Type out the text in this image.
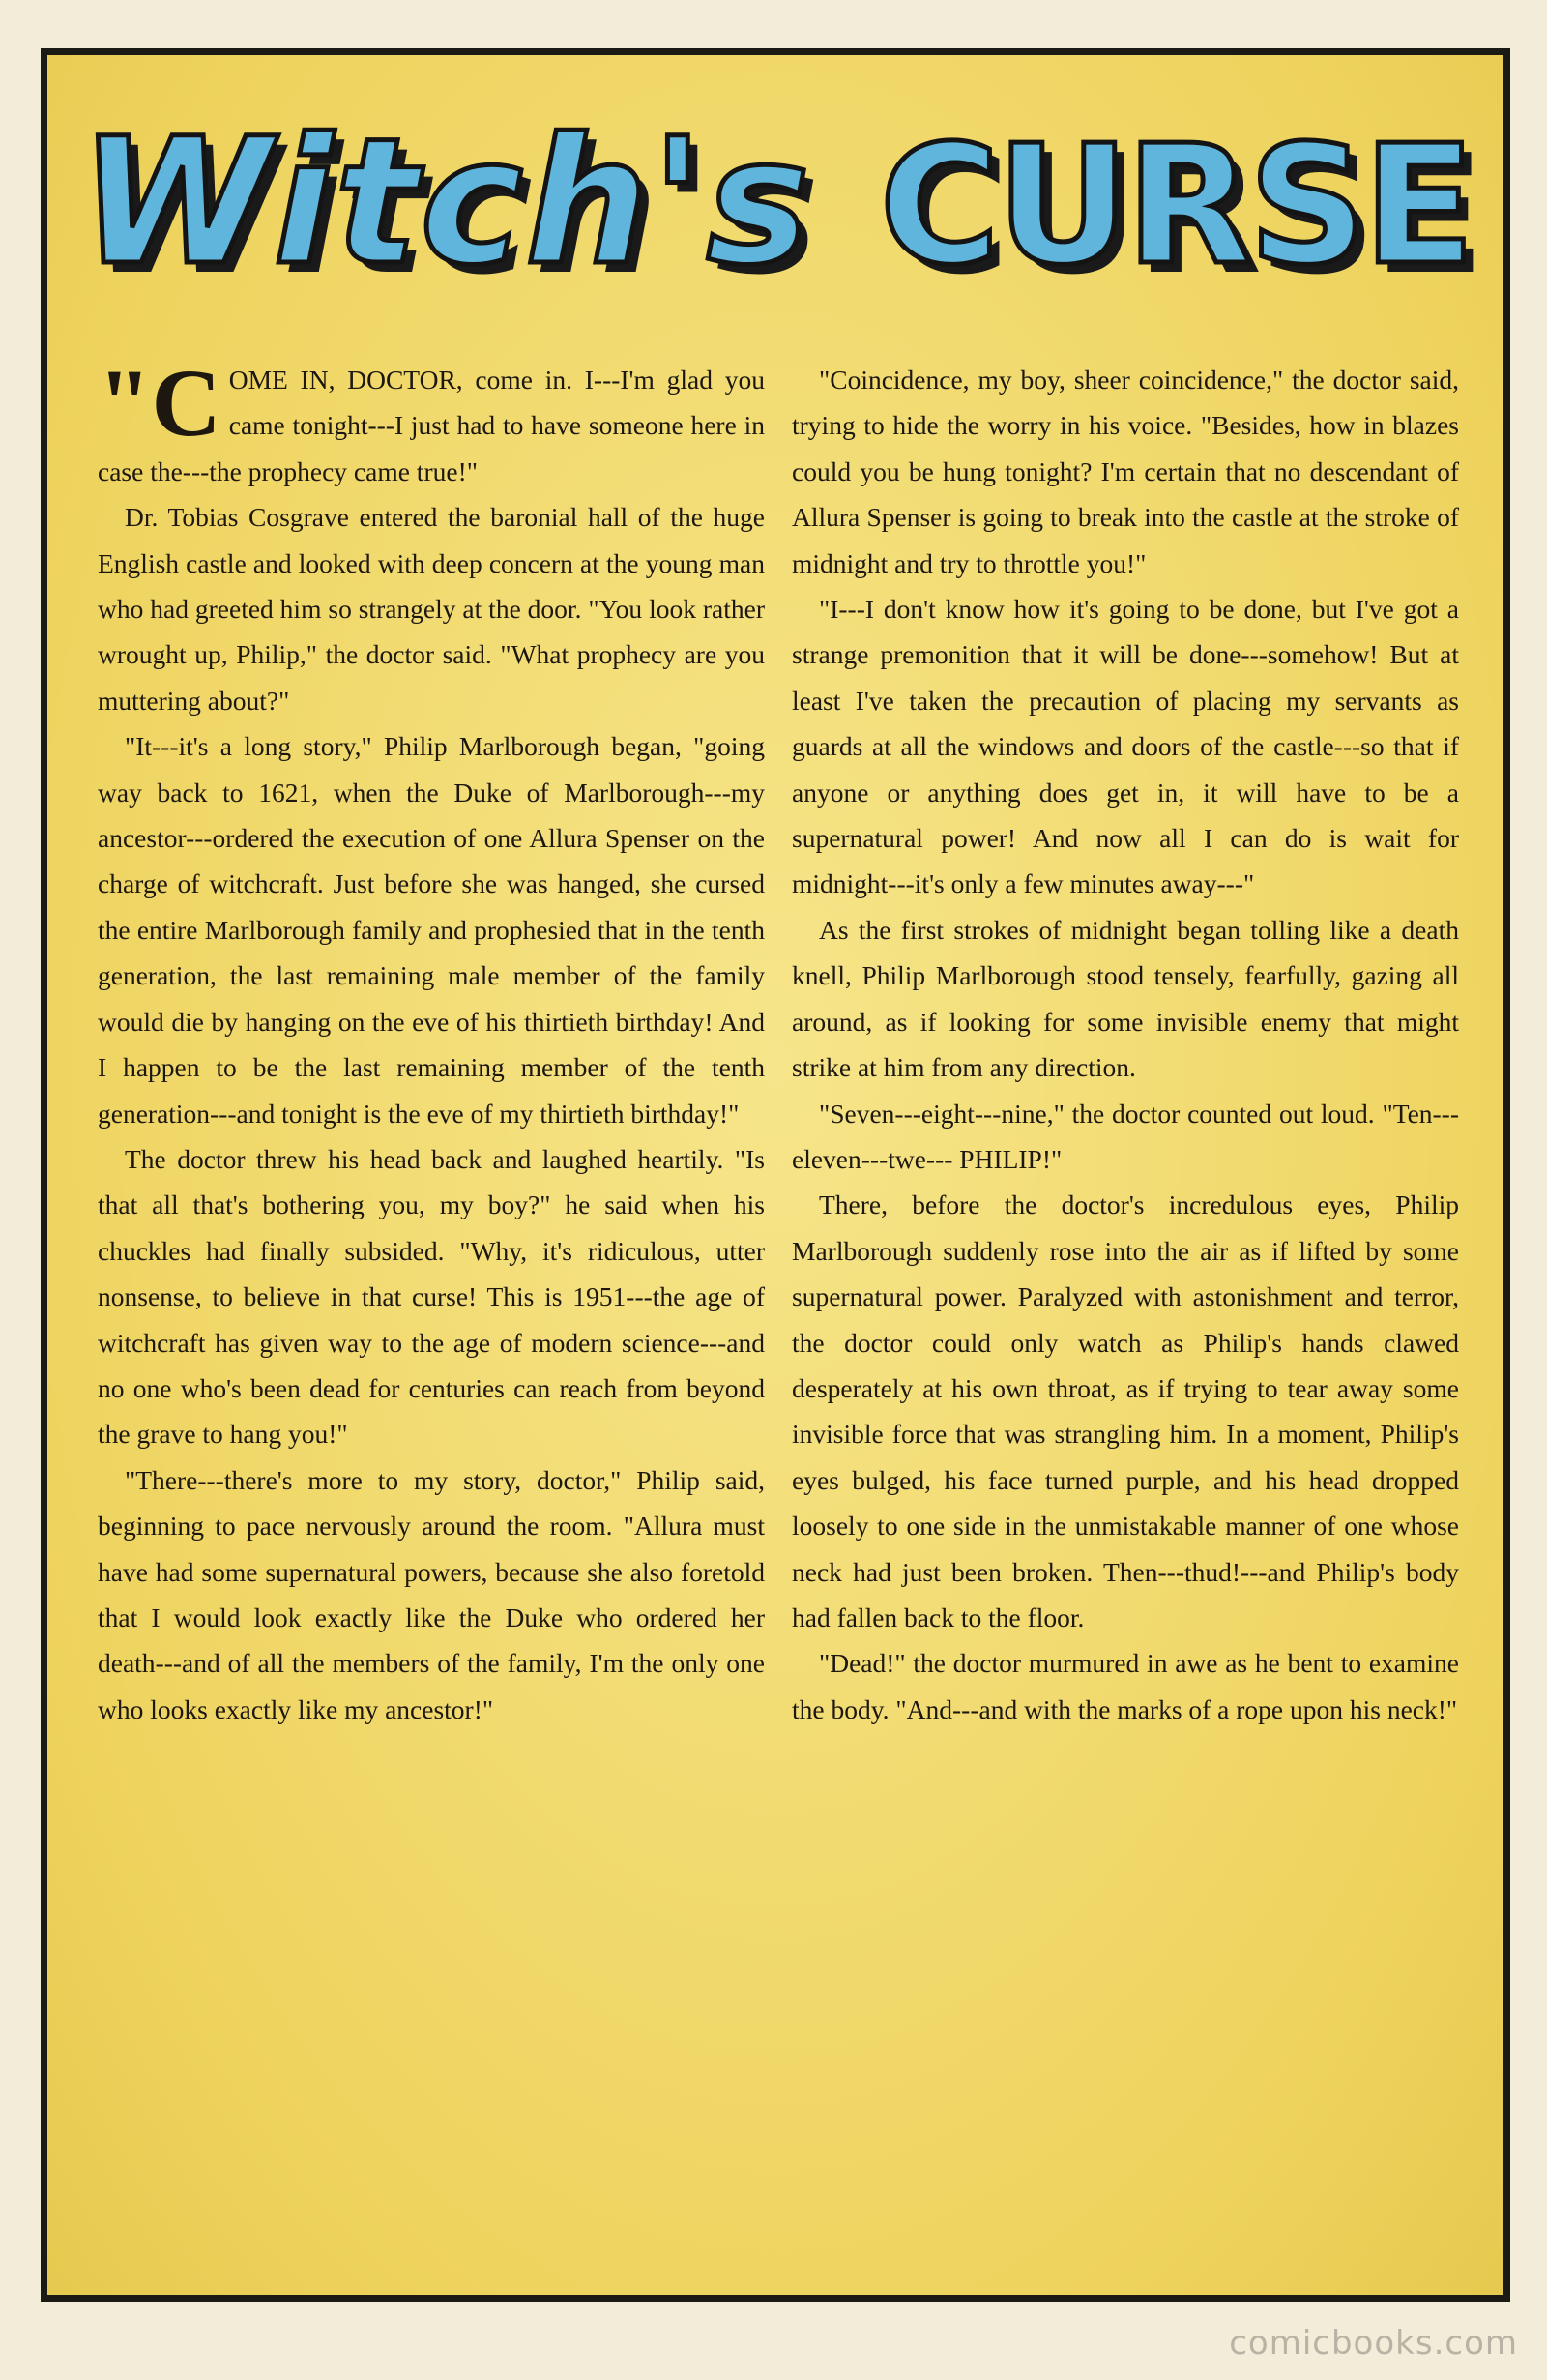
Witch's CURSE

"COME IN, DOCTOR, come in. I---I'm glad you came tonight---I just had to have someone here in case the---the prophecy came true!"

Dr. Tobias Cosgrave entered the baronial hall of the huge English castle and looked with deep concern at the young man who had greeted him so strangely at the door. "You look rather wrought up, Philip," the doctor said. "What prophecy are you muttering about?"

"It---it's a long story," Philip Marlborough began, "going way back to 1621, when the Duke of Marlborough---my ancestor---ordered the execution of one Allura Spenser on the charge of witchcraft. Just before she was hanged, she cursed the entire Marlborough family and prophesied that in the tenth generation, the last remaining male member of the family would die by hanging on the eve of his thirtieth birthday! And I happen to be the last remaining member of the tenth generation---and tonight is the eve of my thirtieth birthday!"

The doctor threw his head back and laughed heartily. "Is that all that's bothering you, my boy?" he said when his chuckles had finally subsided. "Why, it's ridiculous, utter nonsense, to believe in that curse! This is 1951---the age of witchcraft has given way to the age of modern science---and no one who's been dead for centuries can reach from beyond the grave to hang you!"

"There---there's more to my story, doctor," Philip said, beginning to pace nervously around the room. "Allura must have had some supernatural powers, because she also foretold that I would look exactly like the Duke who ordered her death---and of all the members of the family, I'm the only one who looks exactly like my ancestor!"

"Coincidence, my boy, sheer coincidence," the doctor said, trying to hide the worry in his voice. "Besides, how in blazes could you be hung tonight? I'm certain that no descendant of Allura Spenser is going to break into the castle at the stroke of midnight and try to throttle you!"

"I---I don't know how it's going to be done, but I've got a strange premonition that it will be done---somehow! But at least I've taken the precaution of placing my servants as guards at all the windows and doors of the castle---so that if anyone or anything does get in, it will have to be a supernatural power! And now all I can do is wait for midnight---it's only a few minutes away---"

As the first strokes of midnight began tolling like a death knell, Philip Marlborough stood tensely, fearfully, gazing all around, as if looking for some invisible enemy that might strike at him from any direction.

"Seven---eight---nine," the doctor counted out loud. "Ten---eleven---twe--- PHILIP!"

There, before the doctor's incredulous eyes, Philip Marlborough suddenly rose into the air as if lifted by some supernatural power. Paralyzed with astonishment and terror, the doctor could only watch as Philip's hands clawed desperately at his own throat, as if trying to tear away some invisible force that was strangling him. In a moment, Philip's eyes bulged, his face turned purple, and his head dropped loosely to one side in the unmistakable manner of one whose neck had just been broken. Then---thud!---and Philip's body had fallen back to the floor.

"Dead!" the doctor murmured in awe as he bent to examine the body. "And---and with the marks of a rope upon his neck!"

comicbooks.com
